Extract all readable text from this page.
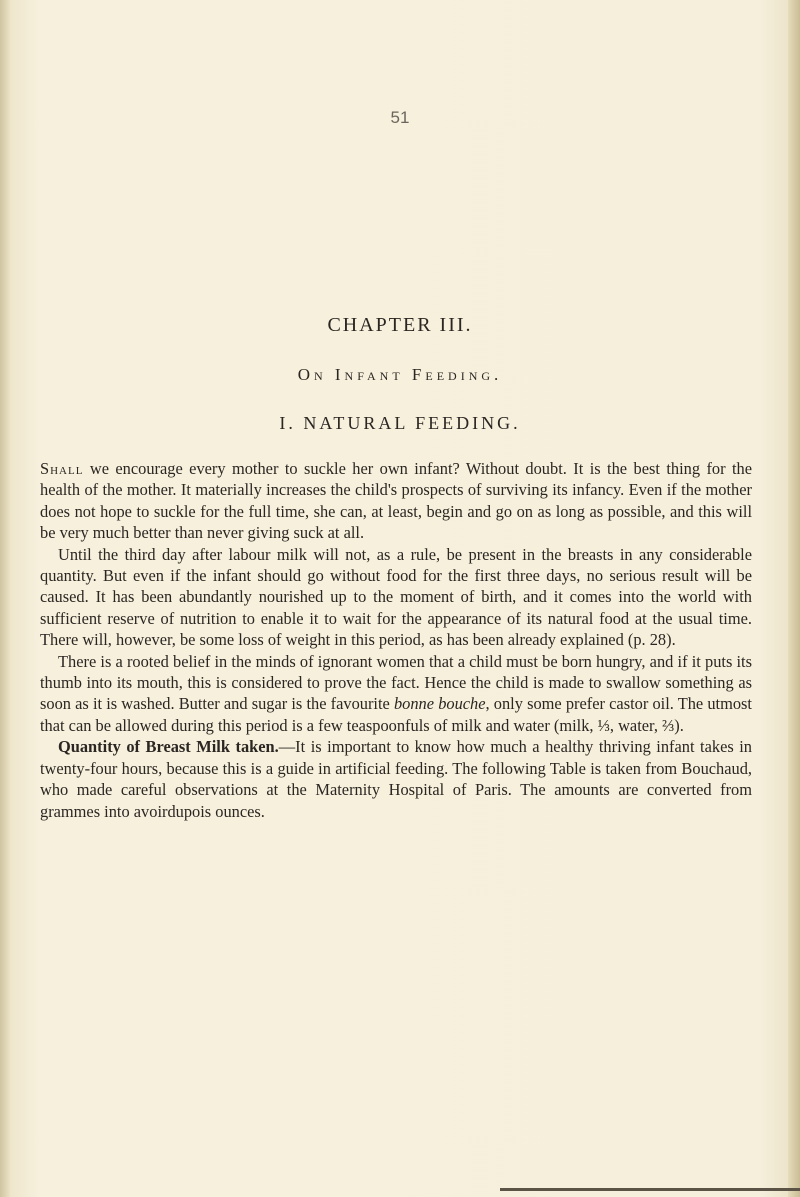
51
CHAPTER III.
On Infant Feeding.
I. NATURAL FEEDING.

Shall we encourage every mother to suckle her own infant? Without doubt. It is the best thing for the health of the mother. It materially increases the child's prospects of surviving its infancy. Even if the mother does not hope to suckle for the full time, she can, at least, begin and go on as long as possible, and this will be very much better than never giving suck at all.

Until the third day after labour milk will not, as a rule, be present in the breasts in any considerable quantity. But even if the infant should go without food for the first three days, no serious result will be caused. It has been abundantly nourished up to the moment of birth, and it comes into the world with sufficient reserve of nutrition to enable it to wait for the appearance of its natural food at the usual time. There will, however, be some loss of weight in this period, as has been already explained (p. 28).

There is a rooted belief in the minds of ignorant women that a child must be born hungry, and if it puts its thumb into its mouth, this is considered to prove the fact. Hence the child is made to swallow something as soon as it is washed. Butter and sugar is the favourite bonne bouche, only some prefer castor oil. The utmost that can be allowed during this period is a few teaspoonfuls of milk and water (milk, ⅓, water, ⅔).

Quantity of Breast Milk taken.—It is important to know how much a healthy thriving infant takes in twenty-four hours, because this is a guide in artificial feeding. The following Table is taken from Bouchaud, who made careful observations at the Maternity Hospital of Paris. The amounts are converted from grammes into avoirdupois ounces.
